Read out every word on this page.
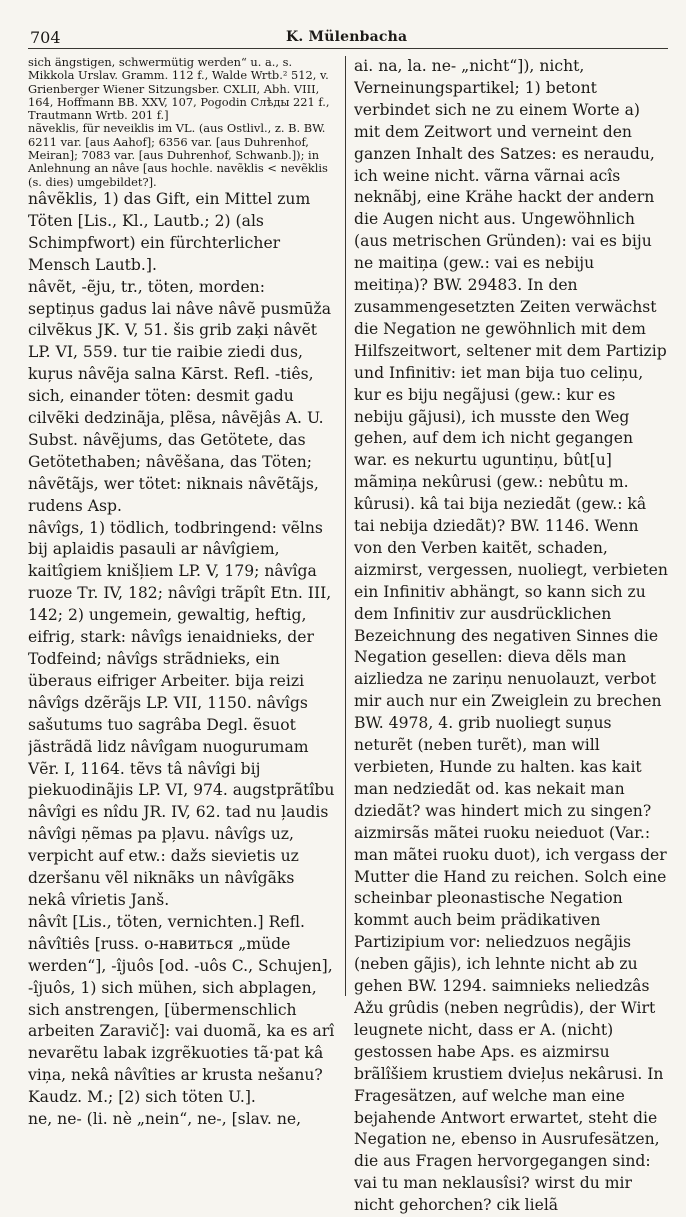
704	K. Mülenbacha

sich ängstigen, schwermütig werden“ u. a., s. Mikkola Urslav. Gramm. 112 f., Walde Wrtb.² 512, v. Grienberger Wiener Sitzungsber. CXLII, Abh. VIII, 164, Hoffmann BB. XXV, 107, Pogodin Слѣды 221 f., Trautmann Wrtb. 201 f.]

nãveklis, für neveiklis im VL. (aus Ostlivl., z. B. BW. 6211 var. [aus Aahof]; 6356 var. [aus Duhrenhof, Meiran]; 7083 var. [aus Duhrenhof, Schwanb.]); in Anlehnung an nâve [aus hochle. navẽklis < nevẽklis (s. dies) umgebildet?].

nâvẽklis, 1) das Gift, ein Mittel zum Töten [Lis., Kl., Lautb.; 2) (als Schimpfwort) ein fürchterlicher Mensch Lautb.].

nâvẽt, -ẽju, tr., töten, morden: septiņus gadus lai nâve nâvẽ pusmūža cilvẽkus JK. V, 51. šis grib zaķi nâvẽt LP. VI, 559. tur tie raibie ziedi dus, kuŗus nâvẽja salna Kārst. Refl. -tiês, sich, einander töten: desmit gadu cilvẽki dedzinãja, plẽsa, nâvẽjâs A. U. Subst. nâvẽjums, das Getötete, das Getötethaben; nâvẽšana, das Töten; nâvẽtãjs, wer tötet: niknais nâvẽtãjs, rudens Asp.

nâvîgs, 1) tödlich, todbringend: vẽlns bij aplaidis pasauli ar nâvîgiem, kaitîgiem knišļiem LP. V, 179; nâvîga ruoze Tr. IV, 182; nâvîgi trãpît Etn. III, 142; 2) ungemein, gewaltig, heftig, eifrig, stark: nâvîgs ienaidnieks, der Todfeind; nâvîgs strãdnieks, ein überaus eifriger Arbeiter. bija reizi nâvîgs dzẽrãjs LP. VII, 1150. nâvîgs sašutums tuo sagrâba Degl. ẽsuot jãstrãdã lidz nâvîgam nuogurumam Vẽr. I, 1164. tẽvs tâ nâvîgi bij piekuodinãjis LP. VI, 974. augstprãtîbu nâvîgi es nîdu JR. IV, 62. tad nu ļaudis nâvîgi ņẽmas pa pļavu. nâvîgs uz, verpicht auf etw.: dažs sievietis uz dzeršanu vẽl niknãks un nâvîgãks nekâ vîrietis Janš.

nâvît [Lis., töten, vernichten.] Refl. nâvîtiês [russ. о-навиться „müde werden“], -îjuôs [od. -uôs C., Schujen], -îjuôs, 1) sich mühen, sich abplagen, sich anstrengen, [übermenschlich arbeiten Zaravič]: vai duomã, ka es arî nevarẽtu labak izgrẽkuoties tã·pat kâ viņa, nekâ nâvîties ar krusta nešanu? Kaudz. M.; [2) sich töten U.].

ne, ne- (li. nè „nein“, ne-, [slav. ne,

ai. na, la. ne- „nicht“]), nicht, Verneinungspartikel; 1) betont verbindet sich ne zu einem Worte a) mit dem Zeitwort und verneint den ganzen Inhalt des Satzes: es neraudu, ich weine nicht. vãrna vãrnai acîs neknãbj, eine Krähe hackt der andern die Augen nicht aus. Ungewöhnlich (aus metrischen Gründen): vai es biju ne maitiņa (gew.: vai es nebiju meitiņa)? BW. 29483. In den zusammengesetzten Zeiten verwächst die Negation ne gewöhnlich mit dem Hilfszeitwort, seltener mit dem Partizip und Infinitiv: iet man bija tuo celiņu, kur es biju negãjusi (gew.: kur es nebiju gãjusi), ich musste den Weg gehen, auf dem ich nicht gegangen war. es nekurtu uguntiņu, bût[u] mãmiņa nekûrusi (gew.: nebûtu m. kûrusi). kâ tai bija neziedãt (gew.: kâ tai nebija dziedãt)? BW. 1146. Wenn von den Verben kaitẽt, schaden, aizmirst, vergessen, nuoliegt, verbieten ein Infinitiv abhängt, so kann sich zu dem Infinitiv zur ausdrücklichen Bezeichnung des negativen Sinnes die Negation gesellen: dieva dẽls man aizliedza ne zariņu nenuolauzt, verbot mir auch nur ein Zweiglein zu brechen BW. 4978, 4. grib nuoliegt suņus neturẽt (neben turẽt), man will verbieten, Hunde zu halten. kas kait man nedziedãt od. kas nekait man dziedãt? was hindert mich zu singen? aizmirsãs mãtei ruoku neieduot (Var.: man mãtei ruoku duot), ich vergass der Mutter die Hand zu reichen. Solch eine scheinbar pleonastische Negation kommt auch beim prädikativen Partizipium vor: neliedzuos negãjis (neben gãjis), ich lehnte nicht ab zu gehen BW. 1294. saimnieks neliedzâs Ažu grûdis (neben negrûdis), der Wirt leugnete nicht, dass er A. (nicht) gestossen habe Aps. es aizmirsu brãlîšiem krustiem dvieļus nekârusi. In Fragesätzen, auf welche man eine bejahende Antwort erwartet, steht die Negation ne, ebenso in Ausrufesätzen, die aus Fragen hervorgegangen sind: vai tu man neklausîsi? wirst du mir nicht gehorchen? cik lielã
